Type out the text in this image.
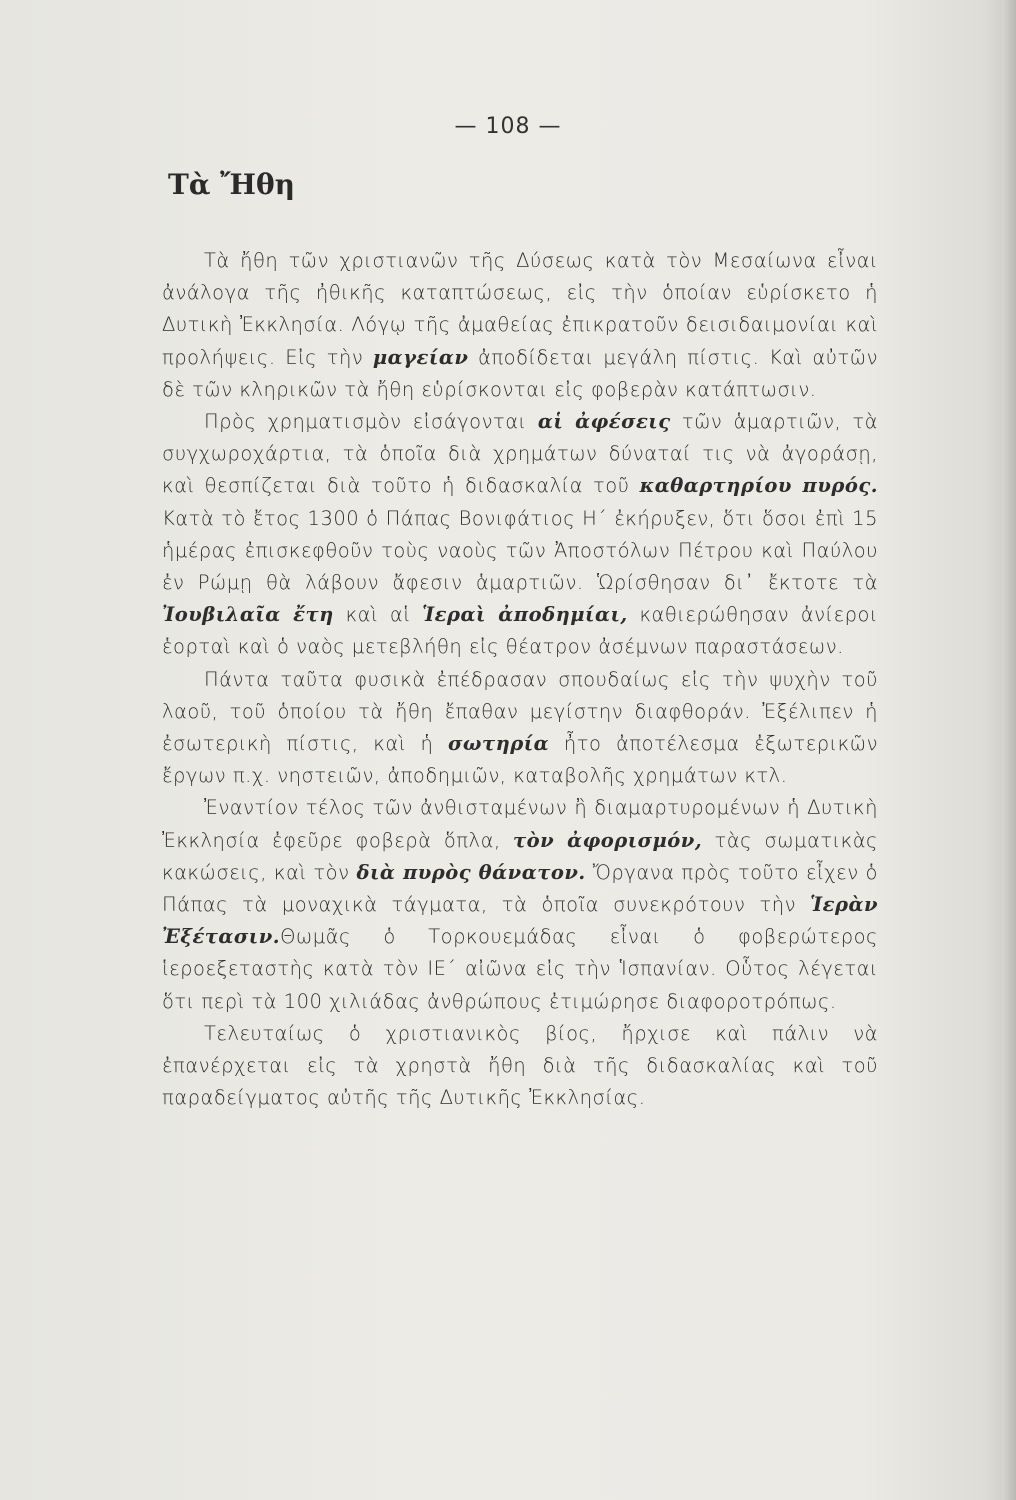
— 108 —
Τὰ Ἤθη

Τὰ ἤθη τῶν χριστιανῶν τῆς Δύσεως κατὰ τὸν Μεσαίωνα εἶναι ἀνάλογα τῆς ἠθικῆς καταπτώσεως, εἰς τὴν ὁποίαν εὑρίσκετο ἡ Δυτικὴ Ἐκκλησία. Λόγῳ τῆς ἀμαθείας ἐπικρατοῦν δεισιδαιμονίαι καὶ προλήψεις. Εἰς τὴν μαγείαν ἀποδίδεται μεγάλη πίστις. Καὶ αὐτῶν δὲ τῶν κληρικῶν τὰ ἤθη εὑρίσκονται εἰς φοβερὰν κατάπτωσιν.

Πρὸς χρηματισμὸν εἰσάγονται αἱ ἀφέσεις τῶν ἁμαρτιῶν, τὰ συγχωροχάρτια, τὰ ὁποῖα διὰ χρημάτων δύναταί τις νὰ ἀγοράσῃ, καὶ θεσπίζεται διὰ τοῦτο ἡ διδασκαλία τοῦ καθαρτηρίου πυρός. Κατὰ τὸ ἔτος 1300 ὁ Πάπας Βονιφάτιος Η΄ ἐκήρυξεν, ὅτι ὅσοι ἐπὶ 15 ἡμέρας ἐπισκεφθοῦν τοὺς ναοὺς τῶν Ἀποστόλων Πέτρου καὶ Παύλου ἐν Ρώμῃ θὰ λάβουν ἄφεσιν ἁμαρτιῶν. Ὡρίσθησαν δι᾿ ἔκτοτε τὰ Ἰουβιλαῖα ἔτη καὶ αἱ Ἱεραὶ ἀποδημίαι, καθιερώθησαν ἀνίεροι ἑορταὶ καὶ ὁ ναὸς μετεβλήθη εἰς θέατρον ἀσέμνων παραστάσεων.

Πάντα ταῦτα φυσικὰ ἐπέδρασαν σπουδαίως εἰς τὴν ψυχὴν τοῦ λαοῦ, τοῦ ὁποίου τὰ ἤθη ἔπαθαν μεγίστην διαφθοράν. Ἐξέλιπεν ἡ ἐσωτερικὴ πίστις, καὶ ἡ σωτηρία ἦτο ἀποτέλεσμα ἐξωτερικῶν ἔργων π.χ. νηστειῶν, ἀποδημιῶν, καταβολῆς χρημάτων κτλ.

Ἐναντίον τέλος τῶν ἀνθισταμένων ἢ διαμαρτυρομένων ἡ Δυτικὴ Ἐκκλησία ἐφεῦρε φοβερὰ ὅπλα, τὸν ἀφορισμόν, τὰς σωματικὰς κακώσεις, καὶ τὸν διὰ πυρὸς θάνατον. Ὄργανα πρὸς τοῦτο εἶχεν ὁ Πάπας τὰ μοναχικὰ τάγματα, τὰ ὁποῖα συνεκρότουν τὴν Ἱερὰν Ἐξέτασιν.Θωμᾶς ὁ Τορκουεμάδας εἶναι ὁ φοβερώτερος ἱεροεξεταστὴς κατὰ τὸν ΙΕ΄ αἰῶνα εἰς τὴν Ἱσπανίαν. Οὗτος λέγεται ὅτι περὶ τὰ 100 χιλιάδας ἀνθρώπους ἐτιμώρησε διαφοροτρόπως.

Τελευταίως ὁ χριστιανικὸς βίος, ἤρχισε καὶ πάλιν νὰ ἐπανέρχεται εἰς τὰ χρηστὰ ἤθη διὰ τῆς διδασκαλίας καὶ τοῦ παραδείγματος αὐτῆς τῆς Δυτικῆς Ἐκκλησίας.
